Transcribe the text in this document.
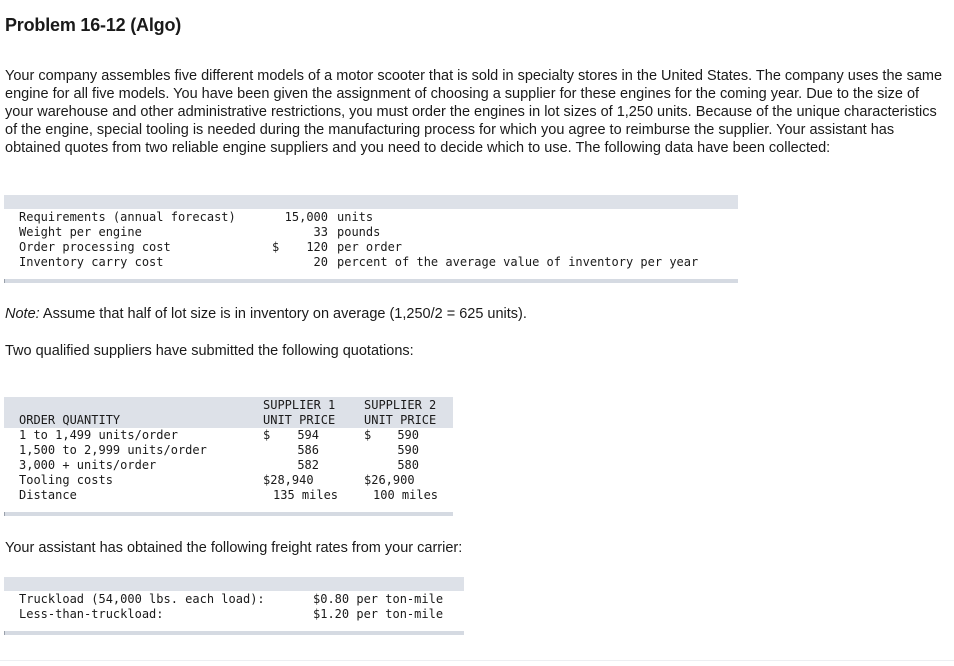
Problem 16-12 (Algo)

Your company assembles five different models of a motor scooter that is sold in specialty stores in the United States. The company uses the same engine for all five models. You have been given the assignment of choosing a supplier for these engines for the coming year. Due to the size of your warehouse and other administrative restrictions, you must order the engines in lot sizes of 1,250 units. Because of the unique characteristics of the engine, special tooling is needed during the manufacturing process for which you agree to reimburse the supplier. Your assistant has obtained quotes from two reliable engine suppliers and you need to decide which to use. The following data have been collected:

Requirements (annual forecast)
Weight per engine
Order processing cost
Inventory carry cost
$
15,000
33
120
20
units
pounds
per order
percent of the average value of inventory per year
Note: Assume that half of lot size is in inventory on average (1,250/2 = 625 units).
Two qualified suppliers have submitted the following quotations:
SUPPLIER 1
UNIT PRICE
SUPPLIER 2
UNIT PRICE
ORDER QUANTITY
1 to 1,499 units/order
1,500 to 2,999 units/order
3,000 + units/order
Tooling costs
Distance
$	594
586
582
$28,940
135 miles
$	590
590
580
$26,900
100 miles
Your assistant has obtained the following freight rates from your carrier:
Truckload (54,000 lbs. each load):
Less-than-truckload:
$0.80 per ton-mile
$1.20 per ton-mile
